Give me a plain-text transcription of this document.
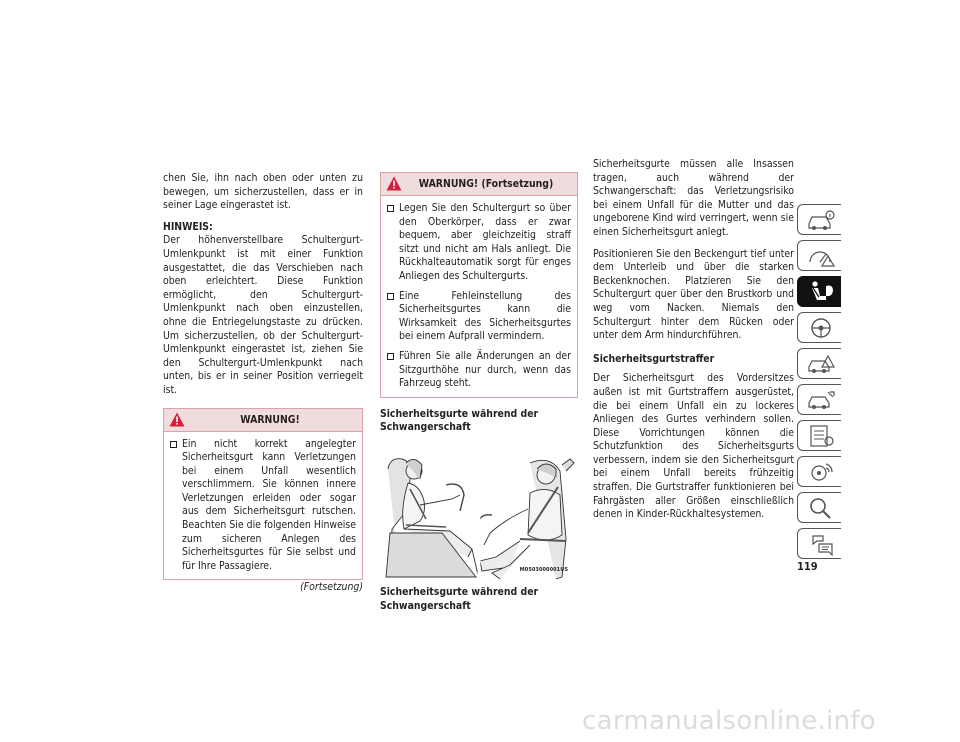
chen Sie, ihn nach oben oder unten zu bewegen, um sicherzustellen, dass er in seiner Lage eingerastet ist.

HINWEIS:

Der höhenverstellbare Schultergurt-Umlenkpunkt ist mit einer Funktion ausgestattet, die das Verschieben nach oben erleichtert. Diese Funktion ermöglicht, den Schultergurt-Umlenkpunkt nach oben einzustellen, ohne die Entriegelungstaste zu drücken. Um sicherzustellen, ob der Schultergurt-Umlenkpunkt eingerastet ist, ziehen Sie den Schultergurt-Umlenkpunkt nach unten, bis er in seiner Position verriegelt ist.

WARNUNG!
Ein nicht korrekt angelegter Sicherheitsgurt kann Verletzungen bei einem Unfall wesentlich verschlimmern. Sie können innere Verletzungen erleiden oder sogar aus dem Sicherheitsgurt rutschen. Beachten Sie die folgenden Hinweise zum sicheren Anlegen des Sicherheitsgurtes für Sie selbst und für Ihre Passagiere.
(Fortsetzung)
WARNUNG! (Fortsetzung)
Legen Sie den Schultergurt so über den Oberkörper, dass er zwar bequem, aber gleichzeitig straff sitzt und nicht am Hals anliegt. Die Rückhalteautomatik sorgt für enges Anliegen des Schultergurts.
Eine Fehleinstellung des Sicherheitsgurtes kann die Wirksamkeit des Sicherheitsgurtes bei einem Aufprall vermindern.
Führen Sie alle Änderungen an der Sitzgurthöhe nur durch, wenn das Fahrzeug steht.
Sicherheitsgurte während der
Schwangerschaft
M0503000001US
Sicherheitsgurte während der Schwangerschaft

Sicherheitsgurte müssen alle Insassen tragen, auch während der Schwangerschaft: das Verletzungsrisiko bei einem Unfall für die Mutter und das ungeborene Kind wird verringert, wenn sie einen Sicherheitsgurt anlegt.

Positionieren Sie den Beckengurt tief unter dem Unterleib und über die starken Beckenknochen. Platzieren Sie den Schultergurt quer über den Brustkorb und weg vom Nacken. Niemals den Schultergurt hinter dem Rücken oder unter dem Arm hindurchführen.

Sicherheitsgurtstraffer

Der Sicherheitsgurt des Vordersitzes außen ist mit Gurtstraffern ausgerüstet, die bei einem Unfall ein zu lockeres Anliegen des Gurtes verhindern sollen. Diese Vorrichtungen können die Schutzfunktion des Sicherheitsgurts verbessern, indem sie den Sicherheitsgurt bei einem Unfall bereits frühzeitig straffen. Die Gurtstraffer funktionieren bei Fahrgästen aller Größen einschließlich denen in Kinder-Rückhaltesystemen.

119
carmanualsonline.info
